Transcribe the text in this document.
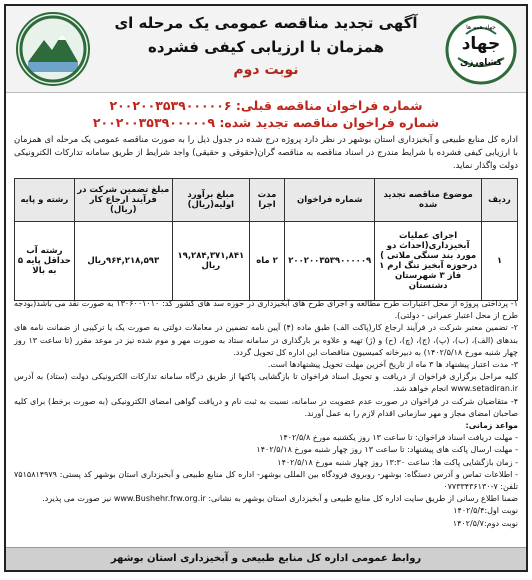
آگهی تجدید مناقصه عمومی یک مرحله ای
همزمان با ارزیابی کیفی فشرده
نوبت دوم
جهاد همه ها
جهاد
کشاورزی
شماره فراخوان مناقصه قبلی: ۲۰۰۲۰۰۳۵۳۹۰۰۰۰۰۶
شماره فراخوان مناقصه تجدید شده: ۲۰۰۲۰۰۳۵۳۹۰۰۰۰۰۹
اداره کل منابع طبیعی و آبخیزداری استان بوشهر در نظر دارد پروژه درج شده در جدول ذیل را به صورت مناقصه عمومی یک مرحله ای همزمان با ارزیابی کیفی فشرده با شرایط مندرج در اسناد مناقصه به مناقصه گران(حقوقی و حقیقی) واجد شرایط از طریق سامانه تدارکات الکترونیکی دولت واگذار نماید.
ردیف	موضوع مناقصه تجدید شده	شماره فراخوان	مدت اجرا	مبلغ برآورد اولیه(ریال)	مبلغ تضمین شرکت در فرآیند ارجاع کار (ریال)	رشته و پایه
۱	اجرای عملیات آبخیزداری(احداث دو مورد بند سنگی ملاتی ) درحوزه آبخیز تنگ ارم ۱ فاز ۳ شهرستان دشتستان	۲۰۰۲۰۰۳۵۳۹۰۰۰۰۰۹	۲ ماه	۱۹,۲۸۴,۳۷۱,۸۴۱ ریال	۹۶۴,۲۱۸,۵۹۳ریال	رشته آب حداقل پایه ۵ به بالا

۱- پرداختی پروژه از محل اعتبارات طرح مطالعه و اجرای طرح های آبخیزداری در حوزه سد های کشور کد: ۱۳۰۶۰۰۱۰۱۰ به صورت نقد می باشد(بودجه طرح از محل اعتبار عمرانی - دولتی).

۲- تضمین معتبر شرکت در فرآیند ارجاع کار(پاکت الف) طبق ماده (۴) آیین نامه تضمین در معاملات دولتی به صورت یک یا ترکیبی از ضمانت نامه های بندهای (الف)، (ب)، (پ)، (ج)، (چ)، (ح) و (ژ) تهیه و علاوه بر بارگذاری در سامانه ستاد به صورت مهر و موم شده نیز در موعد مقرر (تا ساعت ۱۳ روز چهار شنبه مورخ ۱۴۰۲/۵/۱۸) به دبیرخانه کمیسیون مناقصات این اداره کل تحویل گردد.

۳- مدت اعتبار پیشنهاد ها ۳ ماه از تاریخ آخرین مهلت تحویل پیشنهادها است.

کلیه مراحل برگزاری فراخوان از دریافت و تحویل اسناد فراخوان تا بازگشایی پاکتها از طریق درگاه سامانه تدارکات الکترونیکی دولت (ستاد) به آدرس www.setadiran.ir انجام خواهد شد.

۴- متقاضیان شرکت در فراخوان در صورت عدم عضویت در سامانه، نسبت به ثبت نام و دریافت گواهی امضای الکترونیکی (به صورت برخط) برای کلیه صاحبان امضای مجاز و مهر سازمانی اقدام لازم را به عمل آورند.

مواعد زمانی:

- مهلت دریافت اسناد فراخوان: تا ساعت ۱۳ روز یکشنبه مورخ ۱۴۰۲/۵/۸

- مهلت ارسال پاکت های پیشنهاد: تا ساعت ۱۳ روز چهار شنبه مورخ ۱۴۰۲/۵/۱۸

- زمان بازگشایی پاکت ها: ساعت ۱۳:۳۰ روز چهار شنبه مورخ ۱۴۰۲/۵/۱۸

- اطلاعات تماس و آدرس دستگاه: بوشهر- روبروی فرودگاه بین المللی بوشهر- اداره کل منابع طبیعی و آبخیزداری استان بوشهر کد پستی: ۷۵۱۵۸۱۴۹۷۹ تلفن: ۷-۰۷۷۳۳۴۳۶۱۳۰

ضمنا اطلاع رسانی از طریق سایت اداره کل منابع طبیعی و آبخیزداری استان بوشهر به نشانی: www.Bushehr.frw.org.ir نیز صورت می پذیرد.

نوبت اول:۱۴۰۲/۵/۴

نوبت دوم:۱۴۰۲/۵/۷

روابط عمومی اداره کل منابع طبیعی و آبخیزداری استان بوشهر
